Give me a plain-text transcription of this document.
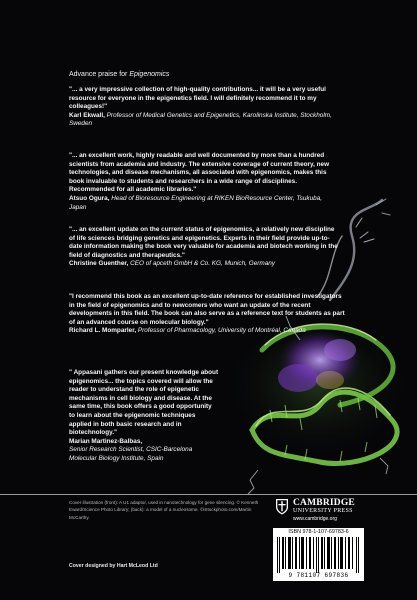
Advance praise for Epigenomics
"... a very impressive collection of high-quality contributions... it will be a very useful resource for everyone in the epigenetics field. I will definitely recommend it to my colleagues!"
Karl Ekwall, Professor of Medical Genetics and Epigenetics, Karolinska Institute, Stockholm, Sweden
"... an excellent work, highly readable and well documented by more than a hundred scientists from academia and industry. The extensive coverage of current theory, new technologies, and disease mechanisms, all associated with epigenomics, makes this book invaluable to students and researchers in a wide range of disciplines. Recommended for all academic libraries."
Atsuo Ogura, Head of Bioresource Engineering at RIKEN BioResource Center, Tsukuba, Japan
"... an excellent update on the current status of epigenomics, a relatively new discipline of life sciences bridging genetics and epigenetics. Experts in their field provide up-to-date information making the book very valuable for academia and biotech working in the field of diagnostics and therapeutics."
Christine Guenther, CEO of apceth GmbH & Co. KG, Munich, Germany
"I recommend this book as an excellent up-to-date reference for established investigators in the field of epigenomics and to newcomers who want an update of the recent developments in this field. The book can also serve as a reference text for students as part of an advanced course on molecular biology."
Richard L. Momparler, Professor of Pharmacology, University of Montréal, Canada
" Appasani gathers our present knowledge about epigenomics... the topics covered will allow the reader to understand the role of epigenetic mechanisms in cell biology and disease. At the same time, this book offers a good opportunity to learn about the epigenomic techniques applied in both basic research and in biotechnology."
Marian Martinez-Balbas,
Senior Research Scientist, CSIC-Barcelona Molecular Biology Institute, Spain
Cover illustration (front): A U1 adaptor, used in nanotechnology for gene silencing. © Kenneth Eward/Science Photo Library; (back): a model of a nucleosome. ©iStockphoto.com/Martin McCarthy.
Cover designed by Hart McLeod Ltd
CAMBRIDGE
UNIVERSITY PRESS
www.cambridge.org
ISBN 978-1-107-69783-6
9 781107 697836
